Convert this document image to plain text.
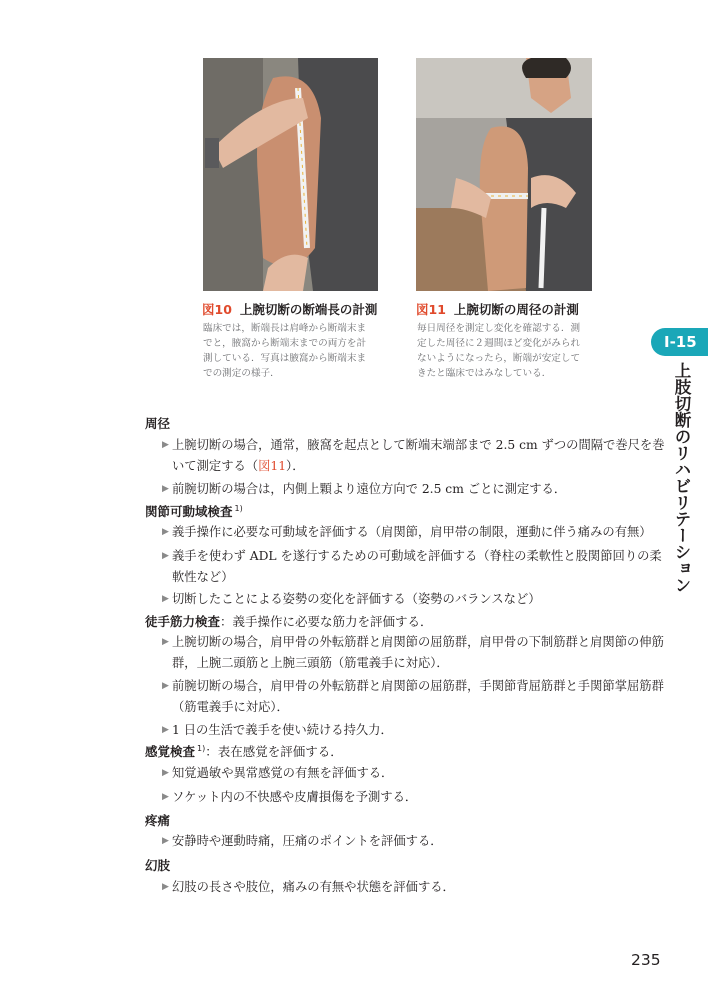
図10 上腕切断の断端長の計測
臨床では，断端長は肩峰から断端末ま
でと，腋窩から断端末までの両方を計
測している．写真は腋窩から断端末ま
での測定の様子．
図11 上腕切断の周径の計測
毎日周径を測定し変化を確認する．測
定した周径に２週間ほど変化がみられ
ないようになったら，断端が安定して
きたと臨床ではみなしている．
I-15
上肢切断のリハビリテーション
周径
▶ 上腕切断の場合，通常，腋窩を起点として断端末端部まで 2.5 cm ずつの間隔で巻尺を巻
いて測定する（図11）．
▶ 前腕切断の場合は，内側上顆より遠位方向で 2.5 cm ごとに測定する．
関節可動域検査 $^{1)}$
▶ 義手操作に必要な可動域を評価する（肩関節，肩甲帯の制限，運動に伴う痛みの有無）
▶ 義手を使わず ADL を遂行するための可動域を評価する（脊柱の柔軟性と股関節回りの柔
軟性など）
▶ 切断したことによる姿勢の変化を評価する（姿勢のバランスなど）
徒手筋力検査：義手操作に必要な筋力を評価する．
▶ 上腕切断の場合，肩甲骨の外転筋群と肩関節の屈筋群，肩甲骨の下制筋群と肩関節の伸筋
群，上腕二頭筋と上腕三頭筋（筋電義手に対応）．
▶ 前腕切断の場合，肩甲骨の外転筋群と肩関節の屈筋群，手関節背屈筋群と手関節掌屈筋群
（筋電義手に対応）．
▶ 1 日の生活で義手を使い続ける持久力．
感覚検査 $^{1)}$：表在感覚を評価する．
▶ 知覚過敏や異常感覚の有無を評価する．
▶ ソケット内の不快感や皮膚損傷を予測する．
疼痛
▶ 安静時や運動時痛，圧痛のポイントを評価する．
幻肢
▶ 幻肢の長さや肢位，痛みの有無や状態を評価する．
235
